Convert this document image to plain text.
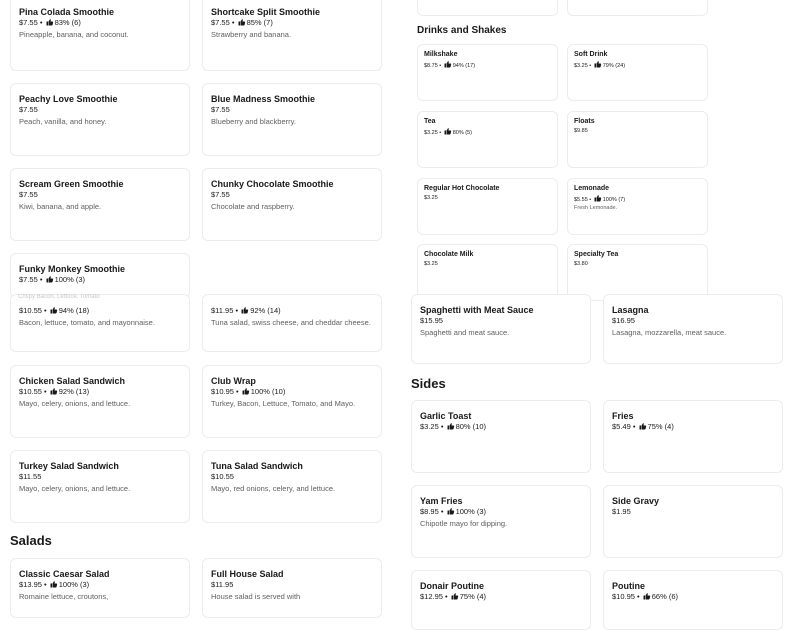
Drinks and Shakes
Sides
Salads
Pina Colada Smoothie
$7.55 • 83% (6)
Pineapple, banana, and coconut.
Shortcake Split Smoothie
$7.55 • 85% (7)
Strawberry and banana.
Peachy Love Smoothie
$7.55
Peach, vanilla, and honey.
Blue Madness Smoothie
$7.55
Blueberry and blackberry.
Scream Green Smoothie
$7.55
Kiwi, banana, and apple.
Chunky Chocolate Smoothie
$7.55
Chocolate and raspberry.
Funky Monkey Smoothie
$7.55 • 100% (3)
$10.55 • 94% (18)
Bacon, lettuce, tomato, and mayonnaise.
$11.95 • 92% (14)
Tuna salad, swiss cheese, and cheddar cheese.
Chicken Salad Sandwich
$10.55 • 92% (13)
Mayo, celery, onions, and lettuce.
Club Wrap
$10.95 • 100% (10)
Turkey, Bacon, Lettuce, Tomato, and Mayo.
Turkey Salad Sandwich
$11.55
Mayo, celery, onions, and lettuce.
Tuna Salad Sandwich
$10.55
Mayo, red onions, celery, and lettuce.
Classic Caesar Salad
$13.95 • 100% (3)
Romaine lettuce, croutons,
Full House Salad
$11.95
House salad is served with
Milkshake
$8.75 • 94% (17)
Soft Drink
$3.25 • 79% (24)
Tea
$3.25 • 80% (5)
Floats
$9.85
Regular Hot Chocolate
$3.25
Lemonade
$5.55 • 100% (7)
Fresh Lemonade.
Chocolate Milk
$3.25
Specialty Tea
$3.80
Spaghetti with Meat Sauce
$15.95
Spaghetti and meat sauce.
Lasagna
$16.95
Lasagna, mozzarella, meat sauce.
Garlic Toast
$3.25 • 80% (10)
Fries
$5.49 • 75% (4)
Yam Fries
$8.95 • 100% (3)
Chipotle mayo for dipping.
Side Gravy
$1.95
Donair Poutine
$12.95 • 75% (4)
Poutine
$10.95 • 66% (6)
Crispy Bacon, Lettuce, Tomato
